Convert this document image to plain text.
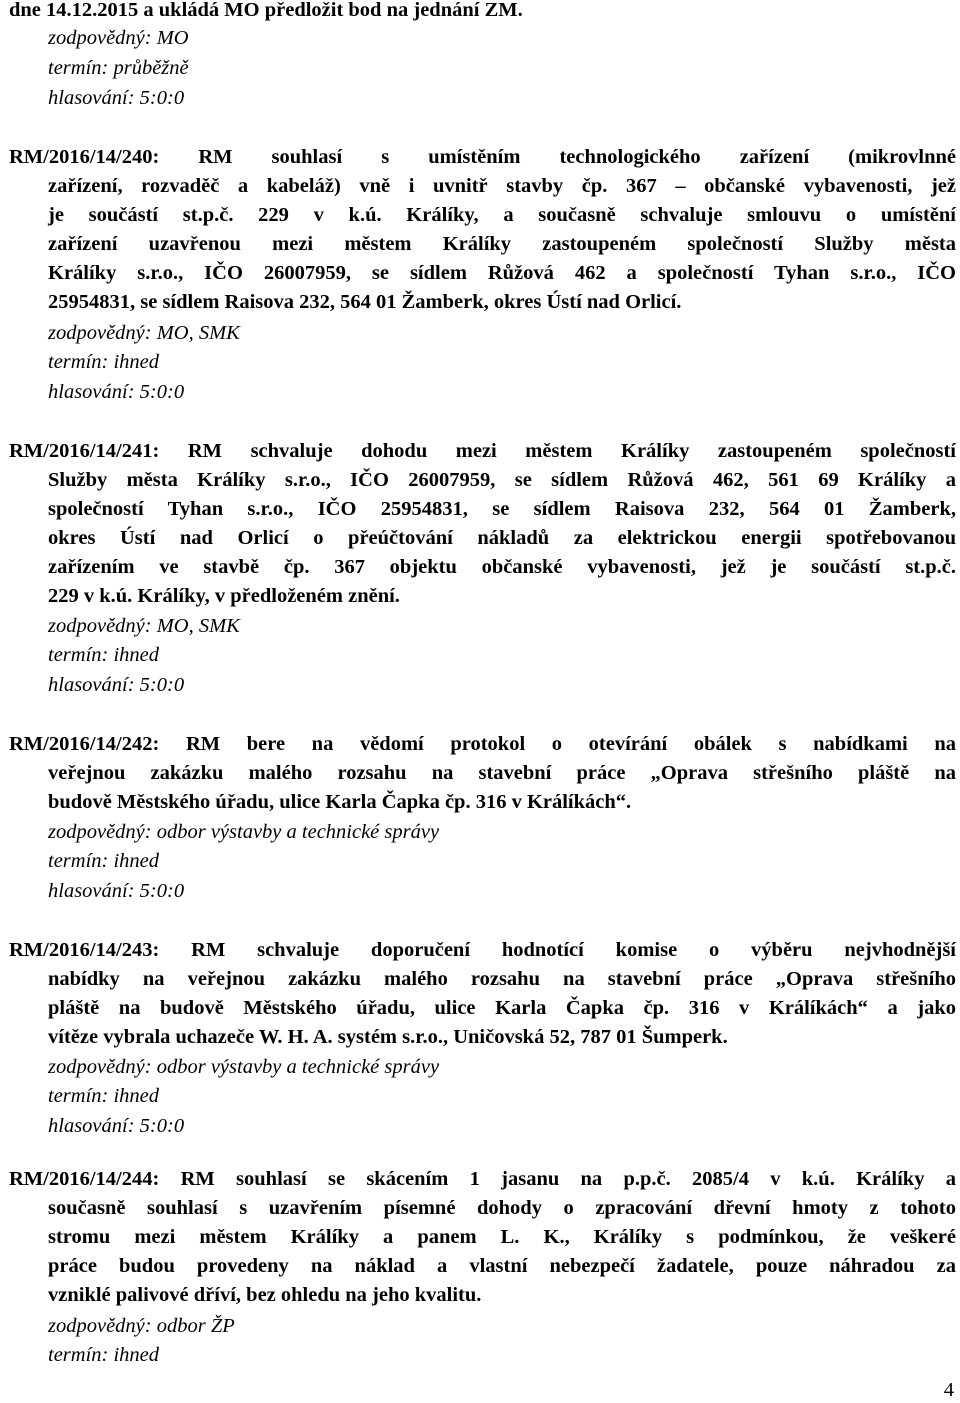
dne 14.12.2015 a ukládá MO předložit bod na jednání ZM.
zodpovědný: MO
termín: průběžně
hlasování: 5:0:0
RM/2016/14/240: RM souhlasí s umístěním technologického zařízení (mikrovlnné
zařízení, rozvaděč a kabeláž) vně i uvnitř stavby čp. 367 – občanské vybavenosti, jež
je součástí st.p.č. 229 v k.ú. Králíky, a současně schvaluje smlouvu o umístění
zařízení uzavřenou mezi městem Králíky zastoupeném společností Služby města
Králíky s.r.o., IČO 26007959, se sídlem Růžová 462 a společností Tyhan s.r.o., IČO
25954831, se sídlem Raisova 232, 564 01 Žamberk, okres Ústí nad Orlicí.
zodpovědný: MO, SMK
termín: ihned
hlasování: 5:0:0
RM/2016/14/241: RM schvaluje dohodu mezi městem Králíky zastoupeném společností
Služby města Králíky s.r.o., IČO 26007959, se sídlem Růžová 462, 561 69 Králíky a
společností Tyhan s.r.o., IČO 25954831, se sídlem Raisova 232, 564 01 Žamberk,
okres Ústí nad Orlicí o přeúčtování nákladů za elektrickou energii spotřebovanou
zařízením ve stavbě čp. 367 objektu občanské vybavenosti, jež je součástí st.p.č.
229 v k.ú. Králíky, v předloženém znění.
zodpovědný: MO, SMK
termín: ihned
hlasování: 5:0:0
RM/2016/14/242: RM bere na vědomí protokol o otevírání obálek s nabídkami na
veřejnou zakázku malého rozsahu na stavební práce „Oprava střešního pláště na
budově Městského úřadu, ulice Karla Čapka čp. 316 v Králíkách“.
zodpovědný: odbor výstavby a technické správy
termín: ihned
hlasování: 5:0:0
RM/2016/14/243: RM schvaluje doporučení hodnotící komise o výběru nejvhodnější
nabídky na veřejnou zakázku malého rozsahu na stavební práce „Oprava střešního
pláště na budově Městského úřadu, ulice Karla Čapka čp. 316 v Králíkách“ a jako
vítěze vybrala uchazeče W. H. A. systém s.r.o., Uničovská 52, 787 01 Šumperk.
zodpovědný: odbor výstavby a technické správy
termín: ihned
hlasování: 5:0:0
RM/2016/14/244: RM souhlasí se skácením 1 jasanu na p.p.č. 2085/4 v k.ú. Králíky a
současně souhlasí s uzavřením písemné dohody o zpracování dřevní hmoty z tohoto
stromu mezi městem Králíky a panem L. K., Králíky s podmínkou, že veškeré
práce budou provedeny na náklad a vlastní nebezpečí žadatele, pouze náhradou za
vzniklé palivové dříví, bez ohledu na jeho kvalitu.
zodpovědný: odbor ŽP
termín: ihned
4
